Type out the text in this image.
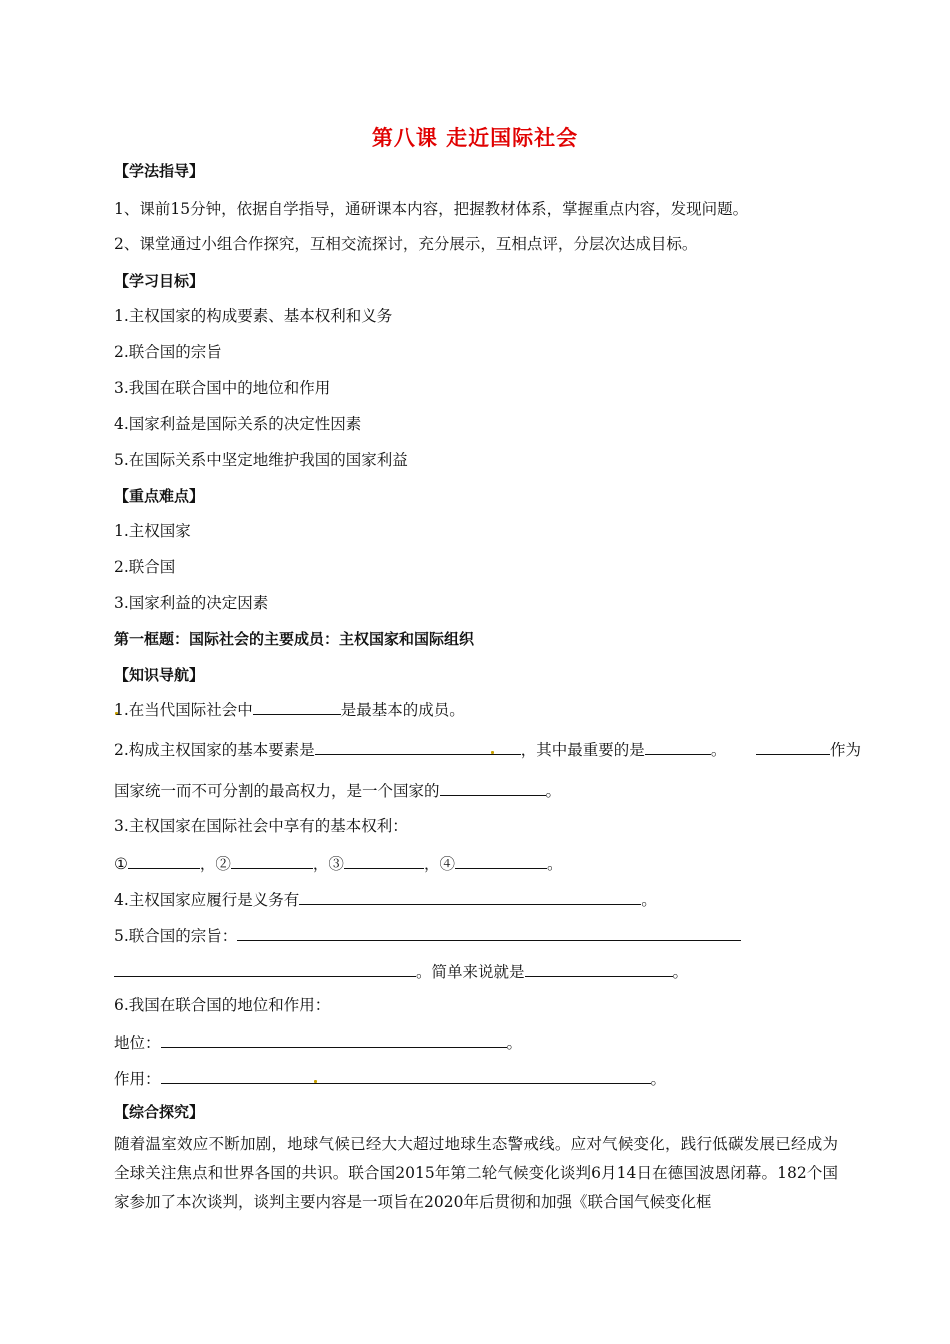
第八课 走近国际社会
【学法指导】
1、课前15分钟，依据自学指导，通研课本内容，把握教材体系，掌握重点内容，发现问题。
2、课堂通过小组合作探究，互相交流探讨，充分展示，互相点评，分层次达成目标。
【学习目标】
1.主权国家的构成要素、基本权利和义务
2.联合国的宗旨
3.我国在联合国中的地位和作用
4.国家利益是国际关系的决定性因素
5.在国际关系中坚定地维护我国的国家利益
【重点难点】
1.主权国家
2.联合国
3.国家利益的决定因素
第一框题：国际社会的主要成员：主权国家和国际组织
【知识导航】
1.在当代国际社会中	是最基本的成员。
2.构成主权国家的基本要素是	，其中最重要的是	。	作为
国家统一而不可分割的最高权力，是一个国家的	。
3.主权国家在国际社会中享有的基本权利：
①	，②	，③	，④	。
4.主权国家应履行是义务有	。
5.联合国的宗旨：
。简单来说就是	。
6.我国在联合国的地位和作用：
地位：	。
作用：	。
【综合探究】
随着温室效应不断加剧，地球气候已经大大超过地球生态警戒线。应对气候变化，践行低碳发展已经成为全球关注焦点和世界各国的共识。联合国2015年第二轮气候变化谈判6月14日在德国波恩闭幕。182个国家参加了本次谈判，谈判主要内容是一项旨在2020年后贯彻和加强《联合国气候变化框
